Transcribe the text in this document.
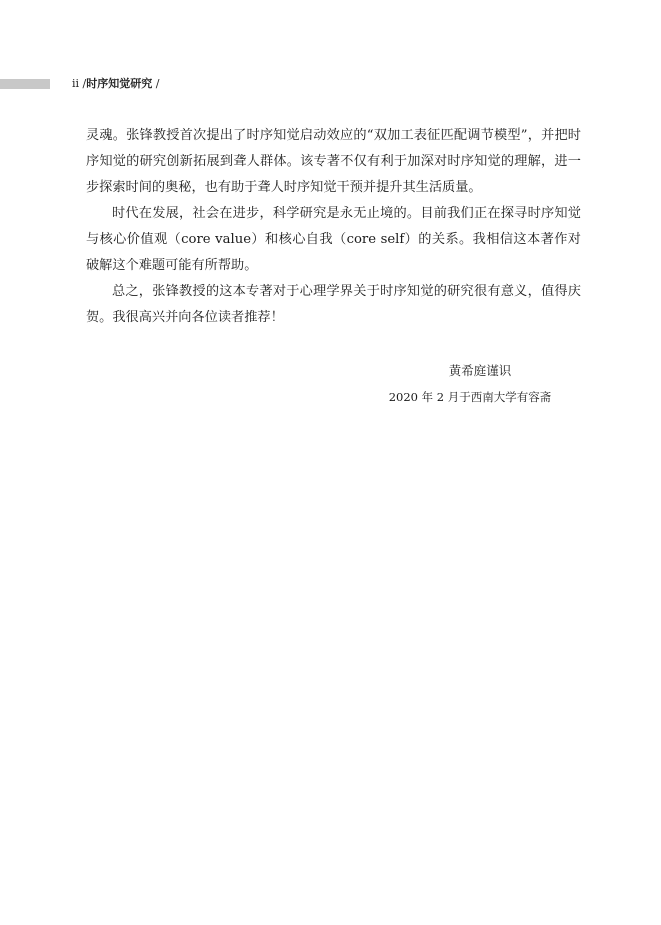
ii /时序知觉研究 /

灵魂。张锋教授首次提出了时序知觉启动效应的“双加工表征匹配调节模型”，并把时序知觉的研究创新拓展到聋人群体。该专著不仅有利于加深对时序知觉的理解，进一步探索时间的奥秘，也有助于聋人时序知觉干预并提升其生活质量。

时代在发展，社会在进步，科学研究是永无止境的。目前我们正在探寻时序知觉与核心价值观（core value）和核心自我（core self）的关系。我相信这本著作对破解这个难题可能有所帮助。

总之，张锋教授的这本专著对于心理学界关于时序知觉的研究很有意义，值得庆贺。我很高兴并向各位读者推荐！

黄希庭谨识
2020 年 2 月于西南大学有容斋
